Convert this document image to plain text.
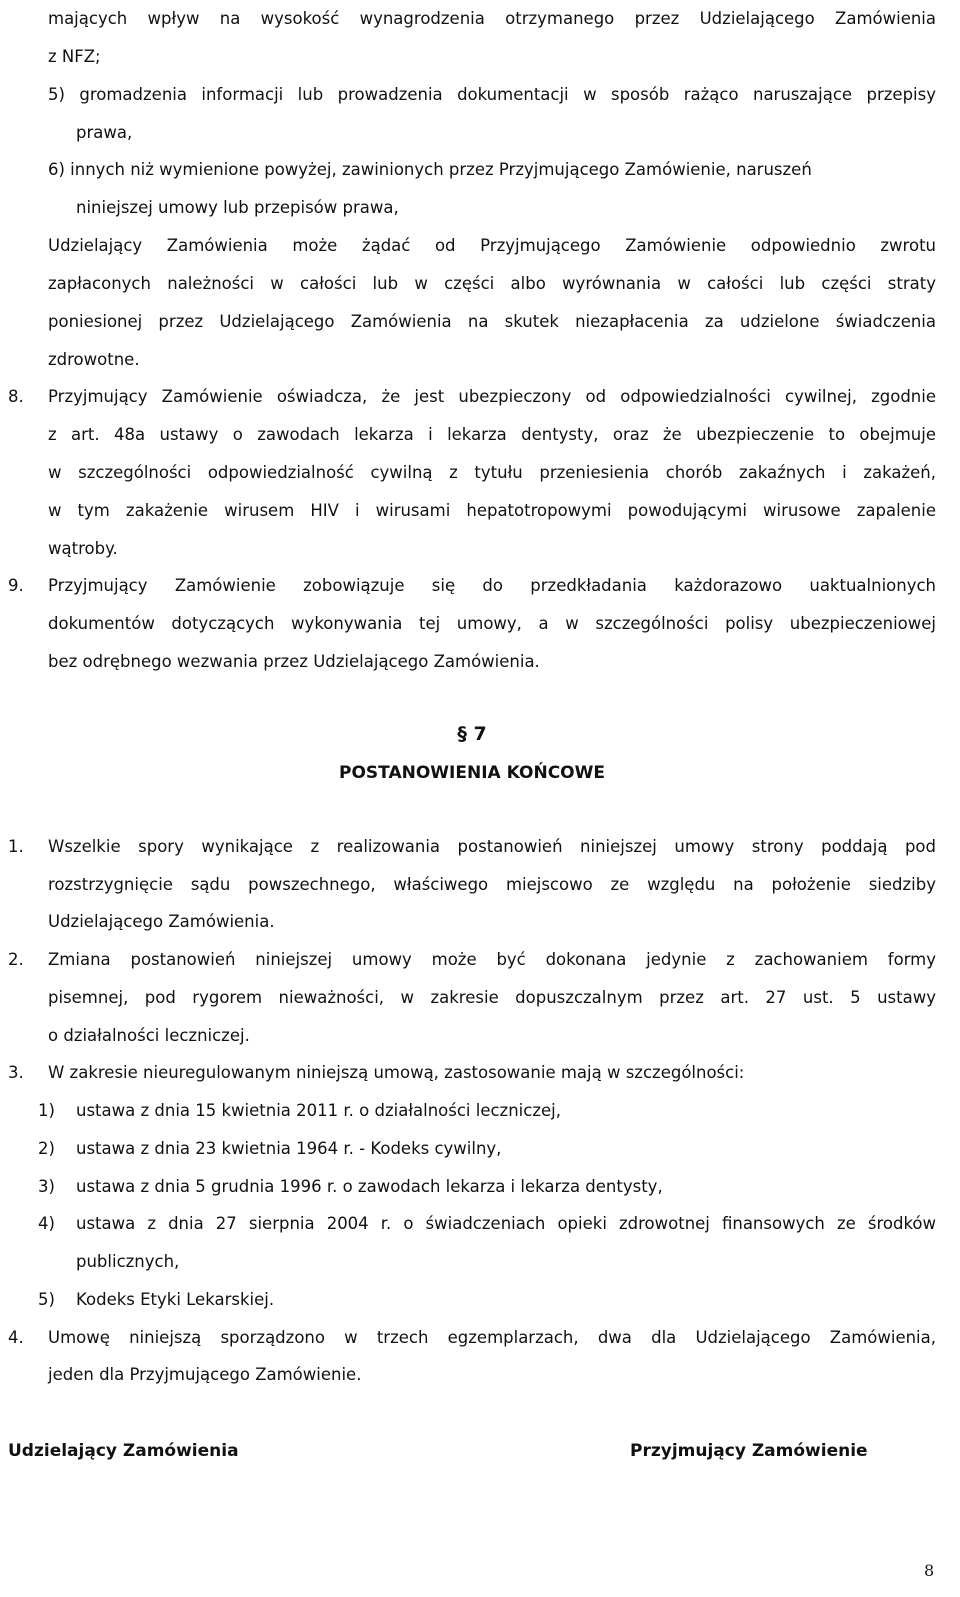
mających wpływ na wysokość wynagrodzenia otrzymanego przez Udzielającego Zamówienia
z NFZ;
5) gromadzenia informacji lub prowadzenia dokumentacji w sposób rażąco naruszające przepisy
prawa,
6) innych niż wymienione powyżej, zawinionych przez Przyjmującego Zamówienie, naruszeń
niniejszej umowy lub przepisów prawa,
Udzielający Zamówienia może żądać od Przyjmującego Zamówienie odpowiednio zwrotu
zapłaconych należności w całości lub w części albo wyrównania w całości lub części straty
poniesionej przez Udzielającego Zamówienia na skutek niezapłacenia za udzielone świadczenia
zdrowotne.
8. Przyjmujący Zamówienie oświadcza, że jest ubezpieczony od odpowiedzialności cywilnej, zgodnie
z art. 48a ustawy o zawodach lekarza i lekarza dentysty, oraz że ubezpieczenie to obejmuje
w szczególności odpowiedzialność cywilną z tytułu przeniesienia chorób zakaźnych i zakażeń,
w tym zakażenie wirusem HIV i wirusami hepatotropowymi powodującymi wirusowe zapalenie
wątroby.
9. Przyjmujący Zamówienie zobowiązuje się do przedkładania każdorazowo uaktualnionych
dokumentów dotyczących wykonywania tej umowy, a w szczególności polisy ubezpieczeniowej
bez odrębnego wezwania przez Udzielającego Zamówienia.
§ 7
POSTANOWIENIA KOŃCOWE
1. Wszelkie spory wynikające z realizowania postanowień niniejszej umowy strony poddają pod
rozstrzygnięcie sądu powszechnego, właściwego miejscowo ze względu na położenie siedziby
Udzielającego Zamówienia.
2. Zmiana postanowień niniejszej umowy może być dokonana jedynie z zachowaniem formy
pisemnej, pod rygorem nieważności, w zakresie dopuszczalnym przez art. 27 ust. 5 ustawy
o działalności leczniczej.
3. W zakresie nieuregulowanym niniejszą umową, zastosowanie mają w szczególności:
1) ustawa z dnia 15 kwietnia 2011 r. o działalności leczniczej,
2) ustawa z dnia 23 kwietnia 1964 r. - Kodeks cywilny,
3) ustawa z dnia 5 grudnia 1996 r. o zawodach lekarza i lekarza dentysty,
4) ustawa z dnia 27 sierpnia 2004 r. o świadczeniach opieki zdrowotnej finansowych ze środków
publicznych,
5) Kodeks Etyki Lekarskiej.
4. Umowę niniejszą sporządzono w trzech egzemplarzach, dwa dla Udzielającego Zamówienia,
jeden dla Przyjmującego Zamówienie.
Udzielający Zamówienia	Przyjmujący Zamówienie
8
